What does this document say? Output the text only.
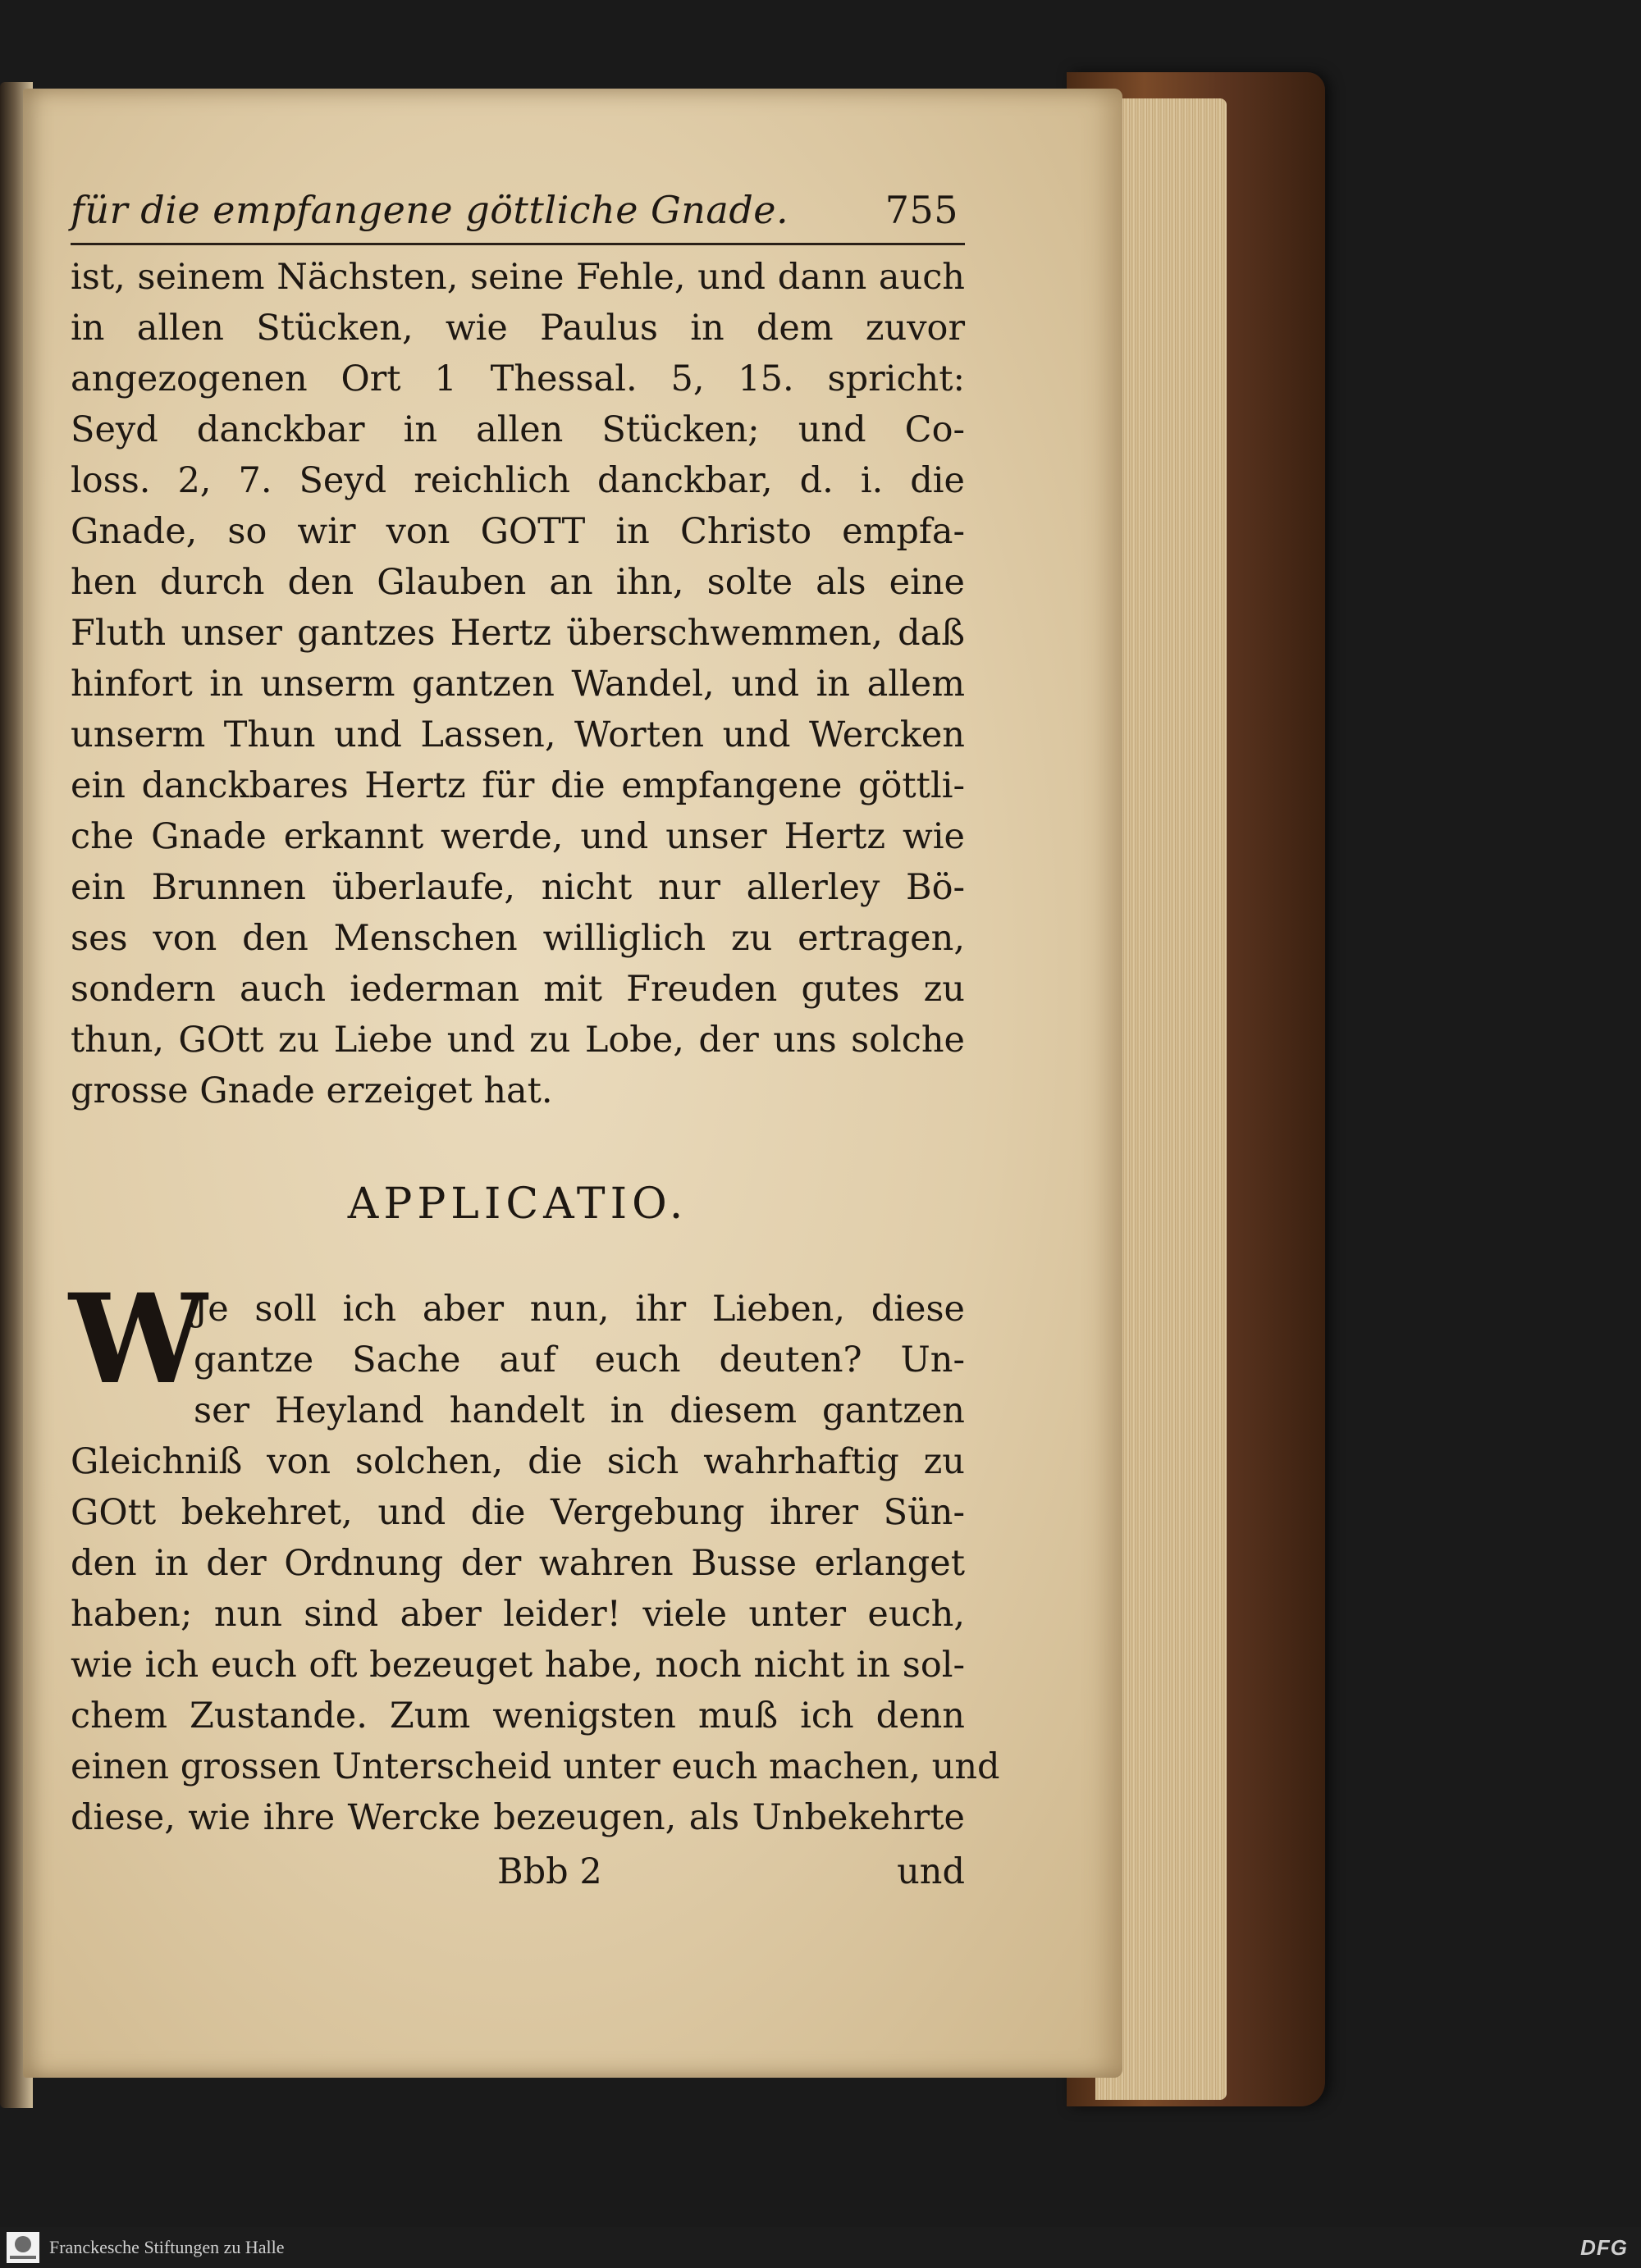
für die empfangene göttliche Gnade.	755
ist, seinem Nächsten, seine Fehle, und dann auch
in allen Stücken, wie Paulus in dem zuvor
angezogenen Ort 1 Thessal. 5, 15. spricht:
Seyd danckbar in allen Stücken; und Co-
loss. 2, 7. Seyd reichlich danckbar, d. i. die
Gnade, so wir von GOTT in Christo empfa-
hen durch den Glauben an ihn, solte als eine
Fluth unser gantzes Hertz überschwemmen, daß
hinfort in unserm gantzen Wandel, und in allem
unserm Thun und Lassen, Worten und Wercken
ein danckbares Hertz für die empfangene göttli-
che Gnade erkannt werde, und unser Hertz wie
ein Brunnen überlaufe, nicht nur allerley Bö-
ses von den Menschen williglich zu ertragen,
sondern auch iederman mit Freuden gutes zu
thun, GOtt zu Liebe und zu Lobe, der uns solche
grosse Gnade erzeiget hat.
APPLICATIO.
W
Je soll ich aber nun, ihr Lieben, diese
gantze Sache auf euch deuten? Un-
ser Heyland handelt in diesem gantzen
Gleichniß von solchen, die sich wahrhaftig zu
GOtt bekehret, und die Vergebung ihrer Sün-
den in der Ordnung der wahren Busse erlanget
haben; nun sind aber leider! viele unter euch,
wie ich euch oft bezeuget habe, noch nicht in sol-
chem Zustande. Zum wenigsten muß ich denn
einen grossen Unterscheid unter euch machen, und
diese, wie ihre Wercke bezeugen, als Unbekehrte
Bbb 2	und
Franckesche Stiftungen zu Halle	DFG
